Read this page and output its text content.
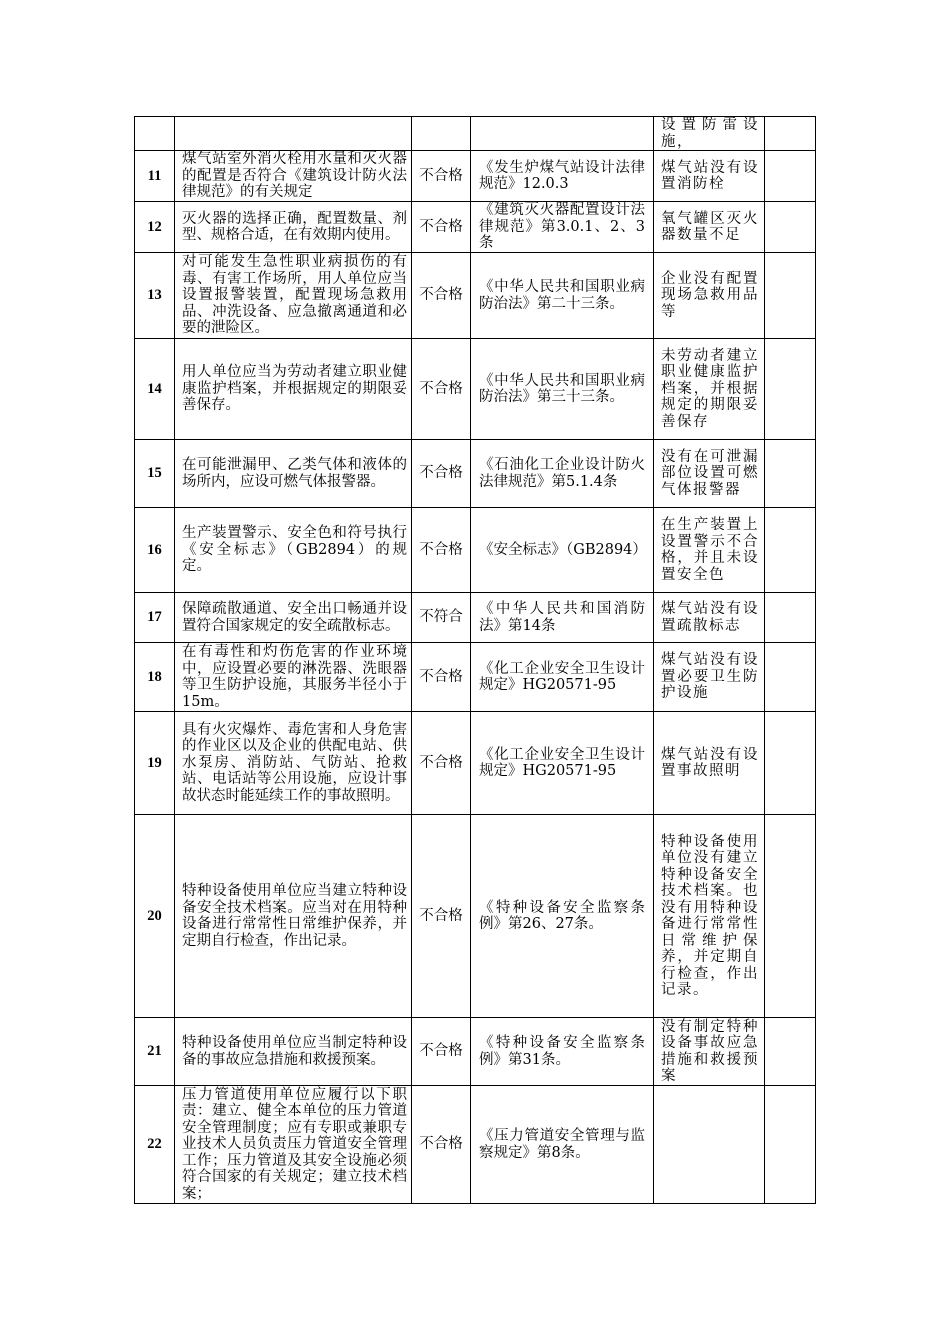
				设置防雷设施，	
11	煤气站室外消火栓用水量和灭火器的配置是否符合《建筑设计防火法律规范》的有关规定	不合格	《发生炉煤气站设计法律规范》12.0.3	煤气站没有设置消防栓	
12	灭火器的选择正确，配置数量、剂型、规格合适，在有效期内使用。	不合格	《建筑灭火器配置设计法律规范》第3.0.1、2、3条	氧气罐区灭火器数量不足	
13	对可能发生急性职业病损伤的有毒、有害工作场所，用人单位应当设置报警装置，配置现场急救用品、冲洗设备、应急撤离通道和必要的泄险区。	不合格	《中华人民共和国职业病防治法》第二十三条。	企业没有配置现场急救用品等	
14	用人单位应当为劳动者建立职业健康监护档案，并根据规定的期限妥善保存。	不合格	《中华人民共和国职业病防治法》第三十三条。	未劳动者建立职业健康监护档案，并根据规定的期限妥善保存	
15	在可能泄漏甲、乙类气体和液体的场所内，应设可燃气体报警器。	不合格	《石油化工企业设计防火法律规范》第5.1.4条	没有在可泄漏部位设置可燃气体报警器	
16	生产装置警示、安全色和符号执行《安全标志》（GB2894）的规定。	不合格	《安全标志》（GB2894）	在生产装置上设置警示不合格，并且未设置安全色	
17	保障疏散通道、安全出口畅通并设置符合国家规定的安全疏散标志。	不符合	《中华人民共和国消防法》第14条	煤气站没有设置疏散标志	
18	在有毒性和灼伤危害的作业环境中，应设置必要的淋洗器、洗眼器等卫生防护设施，其服务半径小于15m。	不合格	《化工企业安全卫生设计规定》HG20571-95	煤气站没有设置必要卫生防护设施	
19	具有火灾爆炸、毒危害和人身危害的作业区以及企业的供配电站、供水泵房、消防站、气防站、抢救站、电话站等公用设施，应设计事故状态时能延续工作的事故照明。	不合格	《化工企业安全卫生设计规定》HG20571-95	煤气站没有设置事故照明	
20	特种设备使用单位应当建立特种设备安全技术档案。应当对在用特种设备进行常常性日常维护保养，并定期自行检查，作出记录。	不合格	《特种设备安全监察条例》第26、27条。	特种设备使用单位没有建立特种设备安全技术档案。也没有用特种设备进行常常性日常维护保养，并定期自行检查，作出记录。	
21	特种设备使用单位应当制定特种设备的事故应急措施和救援预案。	不合格	《特种设备安全监察条例》第31条。	没有制定特种设备事故应急措施和救援预案	
22	压力管道使用单位应履行以下职责：建立、健全本单位的压力管道安全管理制度；应有专职或兼职专业技术人员负责压力管道安全管理工作；压力管道及其安全设施必须符合国家的有关规定；建立技术档案；	不合格	《压力管道安全管理与监察规定》第8条。		
